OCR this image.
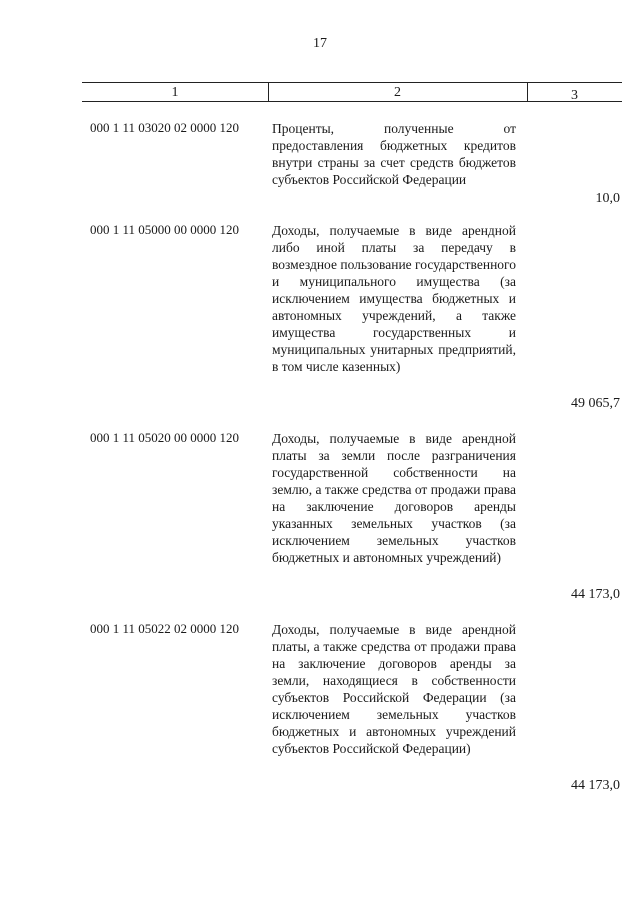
17
1	2	3
000 1 11 03020 02 0000 120 Проценты, полученные от предоставления бюджетных кредитов внутри страны за счет средств бюджетов субъектов Российской Федерации
10,0
000 1 11 05000 00 0000 120 Доходы, получаемые в виде арендной либо иной платы за передачу в возмездное пользование государственного и муниципального имущества (за исключением имущества бюджетных и автономных учреждений, а также имущества государственных и муниципальных унитарных предприятий, в том числе казенных)
49 065,7
000 1 11 05020 00 0000 120 Доходы, получаемые в виде арендной платы за земли после разграничения государственной собственности на землю, а также средства от продажи права на заключение договоров аренды указанных земельных участков (за исключением земельных участков бюджетных и автономных учреждений)
44 173,0
000 1 11 05022 02 0000 120 Доходы, получаемые в виде арендной платы, а также средства от продажи права на заключение договоров аренды за земли, находящиеся в собственности субъектов Российской Федерации (за исключением земельных участков бюджетных и автономных учреждений субъектов Российской Федерации)
44 173,0
